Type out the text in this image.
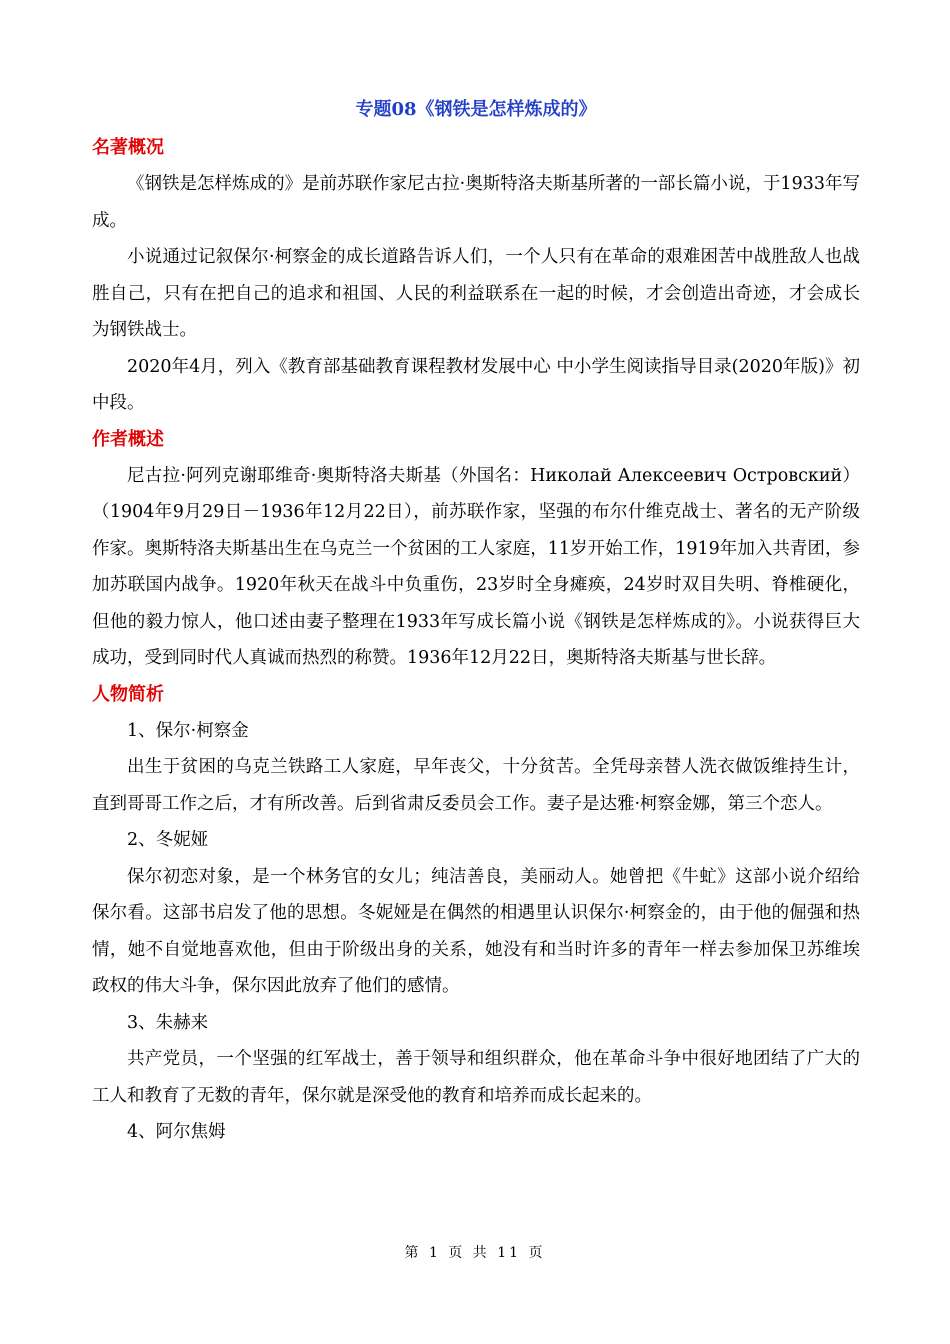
专题08《钢铁是怎样炼成的》
名著概况

《钢铁是怎样炼成的》是前苏联作家尼古拉·奥斯特洛夫斯基所著的一部长篇小说，于1933年写成。

小说通过记叙保尔·柯察金的成长道路告诉人们，一个人只有在革命的艰难困苦中战胜敌人也战胜自己，只有在把自己的追求和祖国、人民的利益联系在一起的时候，才会创造出奇迹，才会成长为钢铁战士。

2020年4月，列入《教育部基础教育课程教材发展中心 中小学生阅读指导目录(2020年版)》初中段。

作者概述

尼古拉·阿列克谢耶维奇·奥斯特洛夫斯基（外国名：Николай Алексеевич Островский）（1904年9月29日－1936年12月22日），前苏联作家，坚强的布尔什维克战士、著名的无产阶级作家。奥斯特洛夫斯基出生在乌克兰一个贫困的工人家庭，11岁开始工作，1919年加入共青团，参加苏联国内战争。1920年秋天在战斗中负重伤，23岁时全身瘫痪，24岁时双目失明、脊椎硬化，但他的毅力惊人，他口述由妻子整理在1933年写成长篇小说《钢铁是怎样炼成的》。小说获得巨大成功，受到同时代人真诚而热烈的称赞。1936年12月22日，奥斯特洛夫斯基与世长辞。

人物简析

1、保尔·柯察金

出生于贫困的乌克兰铁路工人家庭，早年丧父，十分贫苦。全凭母亲替人洗衣做饭维持生计，直到哥哥工作之后，才有所改善。后到省肃反委员会工作。妻子是达雅·柯察金娜，第三个恋人。

2、冬妮娅

保尔初恋对象，是一个林务官的女儿；纯洁善良，美丽动人。她曾把《牛虻》这部小说介绍给保尔看。这部书启发了他的思想。冬妮娅是在偶然的相遇里认识保尔·柯察金的，由于他的倔强和热情，她不自觉地喜欢他，但由于阶级出身的关系，她没有和当时许多的青年一样去参加保卫苏维埃政权的伟大斗争，保尔因此放弃了他们的感情。

3、朱赫来

共产党员，一个坚强的红军战士，善于领导和组织群众，他在革命斗争中很好地团结了广大的工人和教育了无数的青年，保尔就是深受他的教育和培养而成长起来的。

4、阿尔焦姆

第 1 页 共 11 页
